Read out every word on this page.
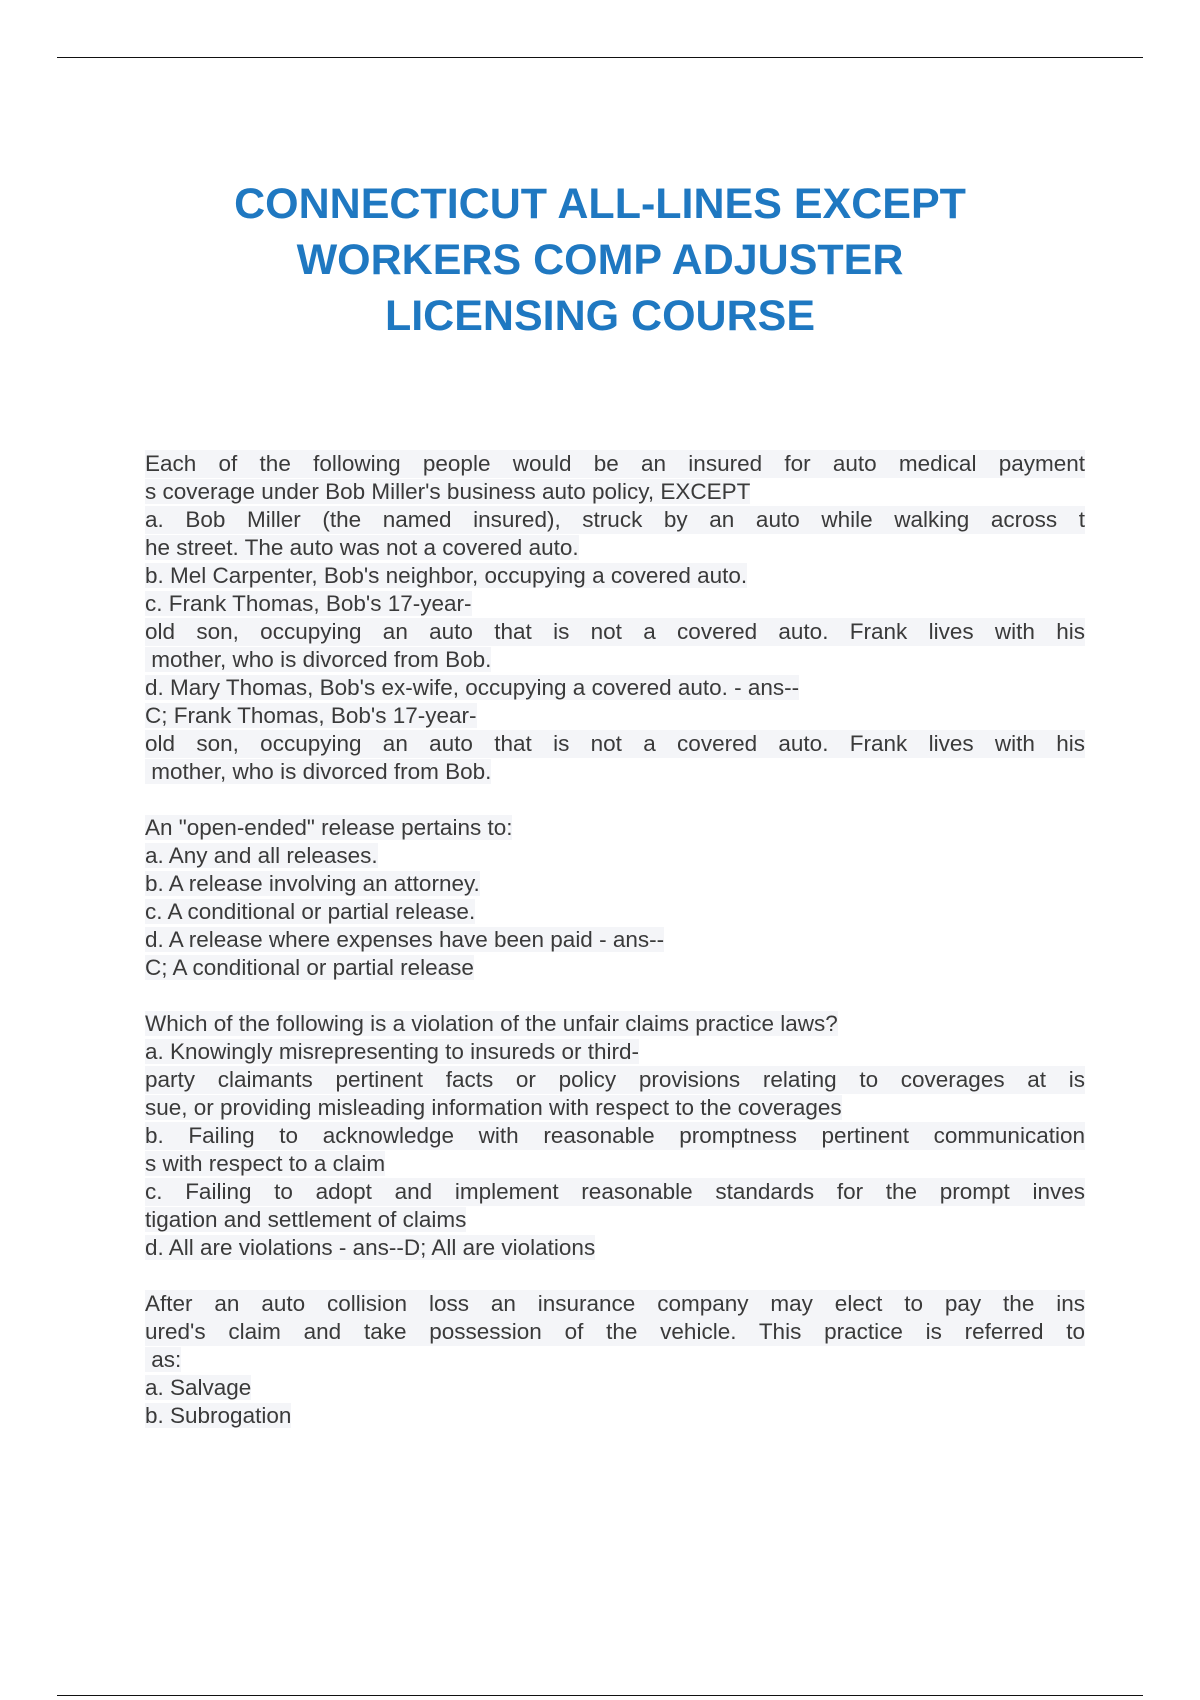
CONNECTICUT ALL-LINES EXCEPT
WORKERS COMP ADJUSTER
LICENSING COURSE
Each of the following people would be an insured for auto medical payment
s coverage under Bob Miller's business auto policy, EXCEPT
a. Bob Miller (the named insured), struck by an auto while walking across t
he street. The auto was not a covered auto.
b. Mel Carpenter, Bob's neighbor, occupying a covered auto.
c. Frank Thomas, Bob's 17-year-
old son, occupying an auto that is not a covered auto. Frank lives with his
mother, who is divorced from Bob.
d. Mary Thomas, Bob's ex-wife, occupying a covered auto. - ans--
C; Frank Thomas, Bob's 17-year-
old son, occupying an auto that is not a covered auto. Frank lives with his
mother, who is divorced from Bob.
An "open-ended" release pertains to:
a. Any and all releases.
b. A release involving an attorney.
c. A conditional or partial release.
d. A release where expenses have been paid - ans--
C; A conditional or partial release
Which of the following is a violation of the unfair claims practice laws?
a. Knowingly misrepresenting to insureds or third-
party claimants pertinent facts or policy provisions relating to coverages at is
sue, or providing misleading information with respect to the coverages
b. Failing to acknowledge with reasonable promptness pertinent communication
s with respect to a claim
c. Failing to adopt and implement reasonable standards for the prompt inves
tigation and settlement of claims
d. All are violations - ans--D; All are violations
After an auto collision loss an insurance company may elect to pay the ins
ured's claim and take possession of the vehicle. This practice is referred to
as:
a. Salvage
b. Subrogation
